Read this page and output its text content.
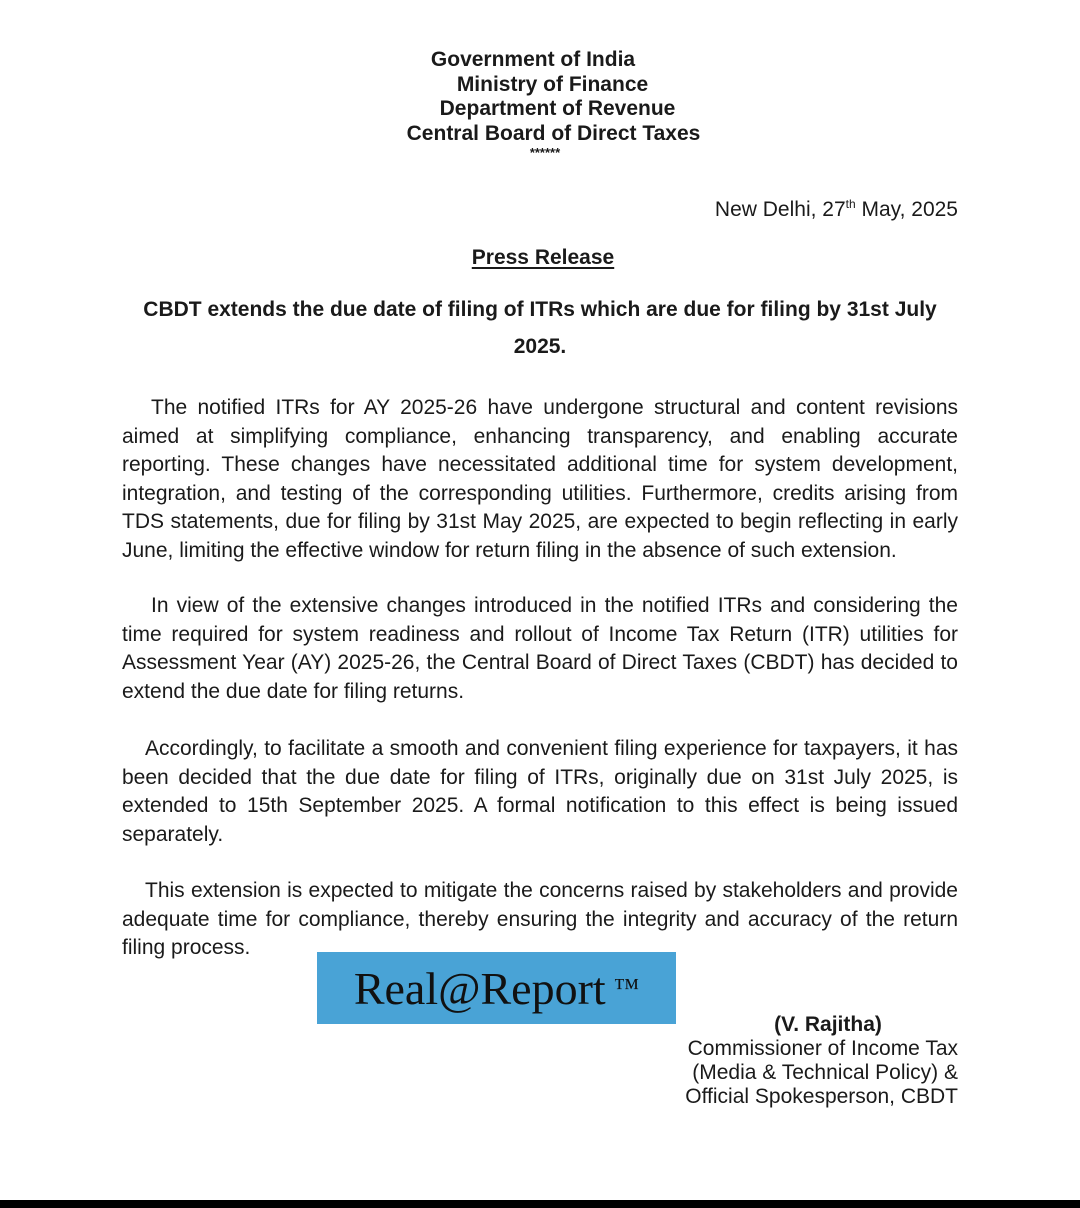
Government of India
Ministry of Finance
Department of Revenue
Central Board of Direct Taxes
******
New Delhi, 27th May, 2025
Press Release
CBDT extends the due date of filing of ITRs which are due for filing by 31st July 2025.

The notified ITRs for AY 2025-26 have undergone structural and content revisions aimed at simplifying compliance, enhancing transparency, and enabling accurate reporting. These changes have necessitated additional time for system development, integration, and testing of the corresponding utilities. Furthermore, credits arising from TDS statements, due for filing by 31st May 2025, are expected to begin reflecting in early June, limiting the effective window for return filing in the absence of such extension.

In view of the extensive changes introduced in the notified ITRs and considering the time required for system readiness and rollout of Income Tax Return (ITR) utilities for Assessment Year (AY) 2025-26, the Central Board of Direct Taxes (CBDT) has decided to extend the due date for filing returns.

Accordingly, to facilitate a smooth and convenient filing experience for taxpayers, it has been decided that the due date for filing of ITRs, originally due on 31st July 2025, is extended to 15th September 2025. A formal notification to this effect is being issued separately.

This extension is expected to mitigate the concerns raised by stakeholders and provide adequate time for compliance, thereby ensuring the integrity and accuracy of the return filing process.

Real@Report ™
(V. Rajitha)
Commissioner of Income Tax
(Media & Technical Policy) &
Official Spokesperson, CBDT
